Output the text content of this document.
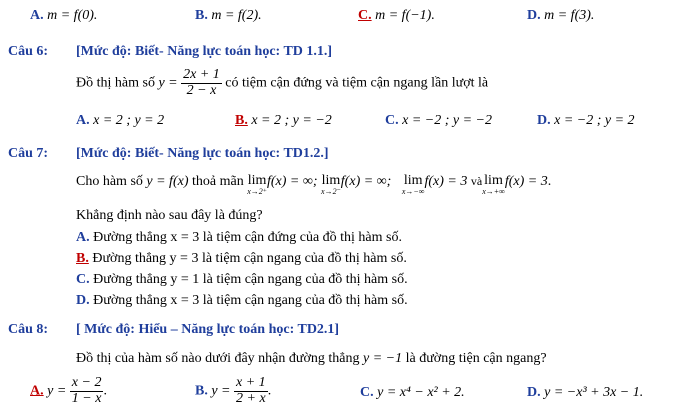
A. m = f(0).	B. m = f(2).	C. m = f(−1).	D. m = f(3).
Câu 6: [Mức độ: Biết- Năng lực toán học: TD 1.1.]
Đồ thị hàm số $y = \frac{2x + 1}{2 - x}$ có tiệm cận đứng và tiệm cận ngang lần lượt là
A. x = 2 ; y = 2	B. x = 2 ; y = −2	C. x = −2 ; y = −2	D. x = −2 ; y = 2
Câu 7: [Mức độ: Biết- Năng lực toán học: TD1.2.]
Cho hàm số y = f(x) thoả mãn lim
x→2⁺
f(x) = ∞; lim
x→2⁻
f(x) = ∞; lim
x→−∞
f(x) = 3 và lim
x→+∞
f(x) = 3.
Khẳng định nào sau đây là đúng?
A. Đường thẳng x = 3 là tiệm cận đứng của đồ thị hàm số.
B. Đường thẳng y = 3 là tiệm cận ngang của đồ thị hàm số.
C. Đường thẳng y = 1 là tiệm cận ngang của đồ thị hàm số.
D. Đường thẳng x = 3 là tiệm cận ngang của đồ thị hàm số.
Câu 8: [ Mức độ: Hiểu – Năng lực toán học: TD2.1]
Đồ thị của hàm số nào dưới đây nhận đường thẳng y = −1 là đường tiện cận ngang?
A. $y = \frac{x - 2}{1 - x}$ .	B. $y = \frac{x + 1}{2 + x}$ .	C. y = x⁴ − x² + 2.	D. y = −x³ + 3x − 1.
